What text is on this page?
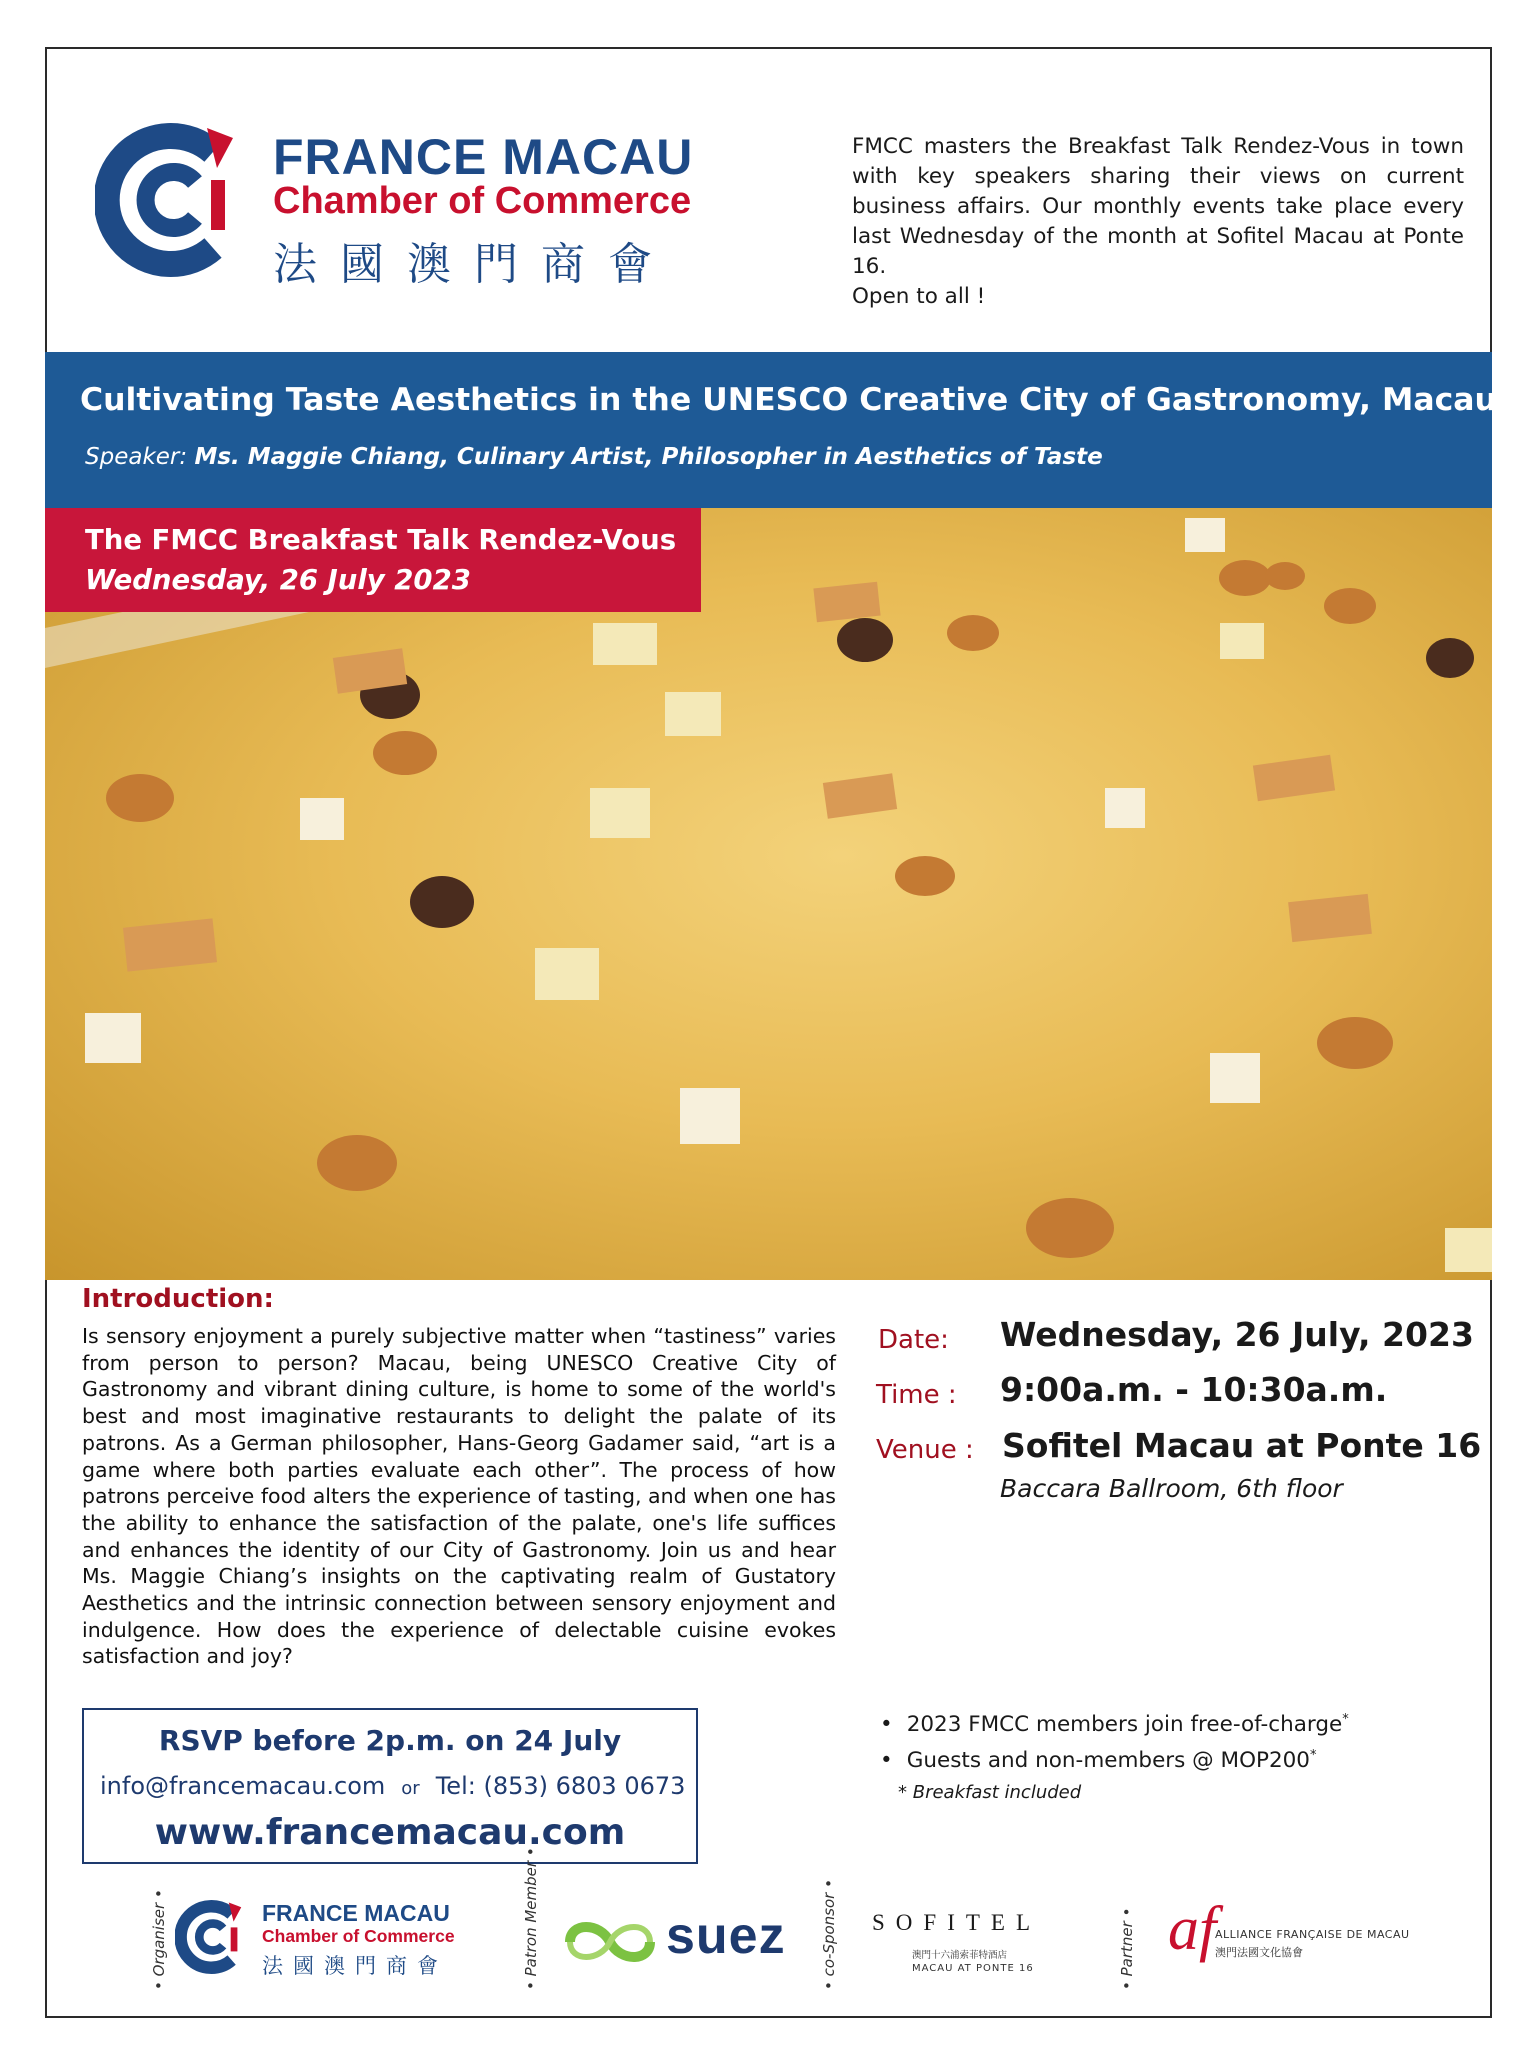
FRANCE MACAU
Chamber of Commerce
法國澳門商會

FMCC masters the Breakfast Talk Rendez-Vous in town with key speakers sharing their views on current business affairs. Our monthly events take place every last Wednesday of the month at Sofitel Macau at Ponte 16.

Open to all !

Cultivating Taste Aesthetics in the UNESCO Creative City of Gastronomy, Macau
Speaker: Ms. Maggie Chiang, Culinary Artist, Philosopher in Aesthetics of Taste
The FMCC Breakfast Talk Rendez-Vous
Wednesday, 26 July 2023
Introduction:
Is sensory enjoyment a purely subjective matter when “tastiness” varies from person to person? Macau, being UNESCO Creative City of Gastronomy and vibrant dining culture, is home to some of the world's best and most imaginative restaurants to delight the palate of its patrons. As a German philosopher, Hans-Georg Gadamer said, “art is a game where both parties evaluate each other”. The process of how patrons perceive food alters the experience of tasting, and when one has the ability to enhance the satisfaction of the palate, one's life suffices and enhances the identity of our City of Gastronomy. Join us and hear Ms. Maggie Chiang’s insights on the captivating realm of Gustatory Aesthetics and the intrinsic connection between sensory enjoyment and indulgence. How does the experience of delectable cuisine evokes satisfaction and joy?
Date: Wednesday, 26 July, 2023
Time : 9:00a.m. - 10:30a.m.
Venue : Sofitel Macau at Ponte 16
Baccara Ballroom, 6th floor
RSVP before 2p.m. on 24 July
info@francemacau.com or Tel: (853) 6803 0673
www.francemacau.com
• 2023 FMCC members join free-of-charge*
• Guests and non-members @ MOP200*
* Breakfast included
• Organiser •	FRANCE MACAU
Chamber of Commerce
法國澳門商會	• Patron Member • suez • co-Sponsor • SOFITEL
澳門十六浦索菲特酒店
MACAU AT PONTE 16	• Partner • af
ALLIANCE FRANÇAISE DE MACAU
澳門法國文化協會
